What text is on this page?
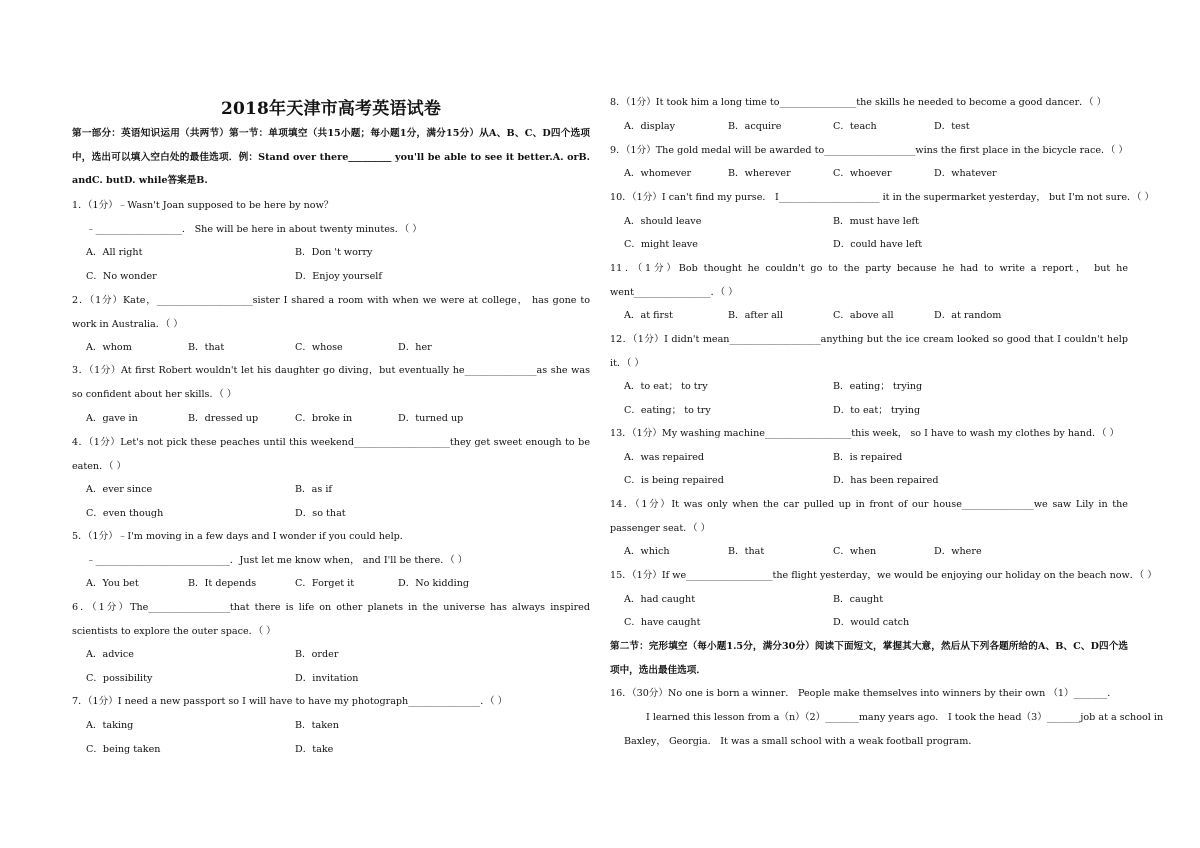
2018年天津市高考英语试卷
第一部分：英语知识运用（共两节）第一节：单项填空（共15小题；每小题1分，满分15分）从A、B、C、D四个选项中，选出可以填入空白处的最佳选项．例：Stand over there_________ you'll be able to see it better.A. orB. andC. butD. while答案是B.
1．（1分）﹣Wasn't Joan supposed to be here by now？
﹣__________________． She will be here in about twenty minutes．（ ）
A．All right	B．Don 't worry
C．No wonder	D．Enjoy yourself
2．（1分）Kate，____________________sister I shared a room with when we were at college， has gone to work in Australia．（ ）
A．whom	B．that	C．whose	D．her
3．（1分）At first Robert wouldn't let his daughter go diving，but eventually he_______________as she was so confident about her skills．（ ）
A．gave in	B．dressed up	C．broke in	D．turned up
4．（1分）Let's not pick these peaches until this weekend____________________they get sweet enough to be eaten．（ ）
A．ever since	B．as if
C．even though	D．so that
5．（1分）﹣I'm moving in a few days and I wonder if you could help．
﹣____________________________．Just let me know when， and I'll be there．（ ）
A．You bet	B．It depends	C．Forget it	D．No kidding
6．（1分）The_________________that there is life on other planets in the universe has always inspired scientists to explore the outer space．（ ）
A．advice	B．order
C．possibility	D．invitation
7．（1分）I need a new passport so I will have to have my photograph_______________．（ ）
A．taking	B．taken
C．being taken	D．take
8．（1分）It took him a long time to________________the skills he needed to become a good dancer．（ ）
A．display	B．acquire	C．teach	D．test
9．（1分）The gold medal will be awarded to___________________wins the first place in the bicycle race．（ ）
A．whomever	B．wherever	C．whoever	D．whatever
10．（1分）I can't find my purse． I_____________________ it in the supermarket yesterday， but I'm not sure．（ ）
A．should leave	B．must have left
C．might leave	D．could have left
11．（1分）Bob thought he couldn't go to the party because he had to write a report， but he went________________．（ ）
A．at first	B．after all	C．above all	D．at random
12．（1分）I didn't mean___________________anything but the ice cream looked so good that I couldn't help it．（ ）
A．to eat； to try	B．eating； trying
C．eating； to try	D．to eat； trying
13．（1分）My washing machine__________________this week， so I have to wash my clothes by hand．（ ）
A．was repaired	B．is repaired
C．is being repaired	D．has been repaired
14．（1分）It was only when the car pulled up in front of our house_______________we saw Lily in the passenger seat．（ ）
A．which	B．that	C．when	D．where
15．（1分）If we__________________the flight yesterday，we would be enjoying our holiday on the beach now．（ ）
A．had caught	B．caught
C．have caught	D．would catch
第二节：完形填空（每小题1.5分，满分30分）阅读下面短文，掌握其大意，然后从下列各题所给的A、B、C、D四个选项中，选出最佳选项．
16．（30分）No one is born a winner． People make themselves into winners by their own （1）_______．
I learned this lesson from a（n）（2）_______many years ago． I took the head（3）_______job at a school in
Baxley， Georgia． It was a small school with a weak football program．
